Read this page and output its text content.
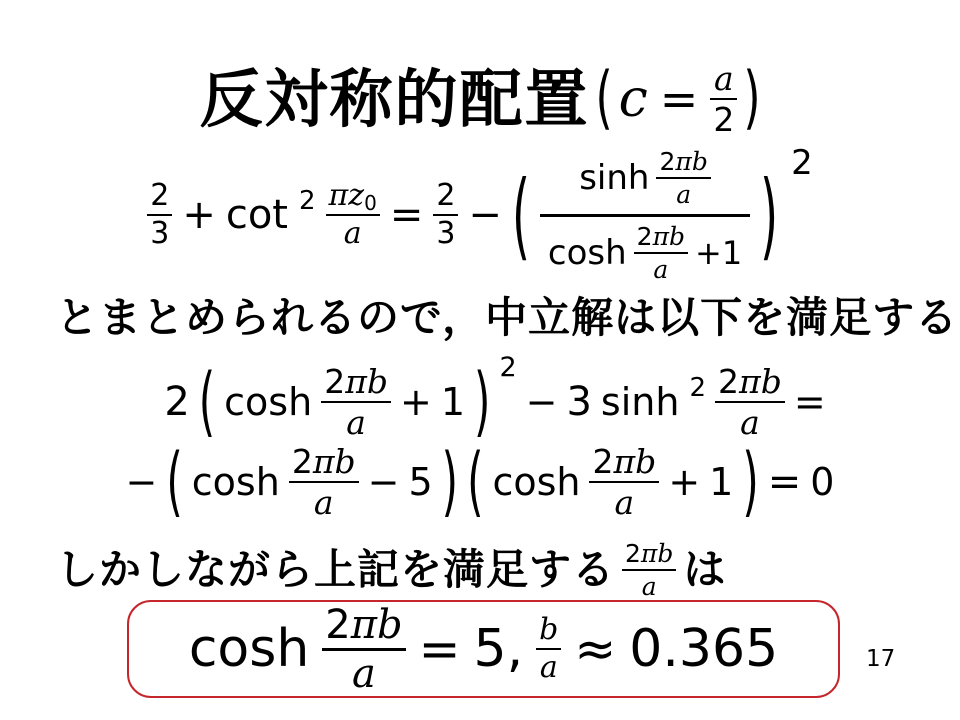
反対称的配置 ( $c = \frac{a}{2}$ )
$\frac{2}{3} + \cot 2 \frac{\pi z 0}{a} = \frac{2}{3}$ − ( $\frac{\sinh \frac{2 \pi b}{a}}{\cosh \frac{2 \pi b}{a} + 1}$ ) 2
とまとめられるので，中立解は以下を満足する
2 ( $\cosh \frac{2 \pi b}{a} + 1$ ) 2
− 3 $\sinh 2 \frac{2 \pi b}{a}$ =
− ( $\cosh \frac{2 \pi b}{a} - 5$ ) ( $\cosh \frac{2 \pi b}{a} + 1$ ) = 0
しかしながら上記を満足する $\frac{2 \pi b}{a}$ は
$\cosh \frac{2 \pi b}{a} = 5$ , $\frac{b}{a} \approx 0.365$	17
